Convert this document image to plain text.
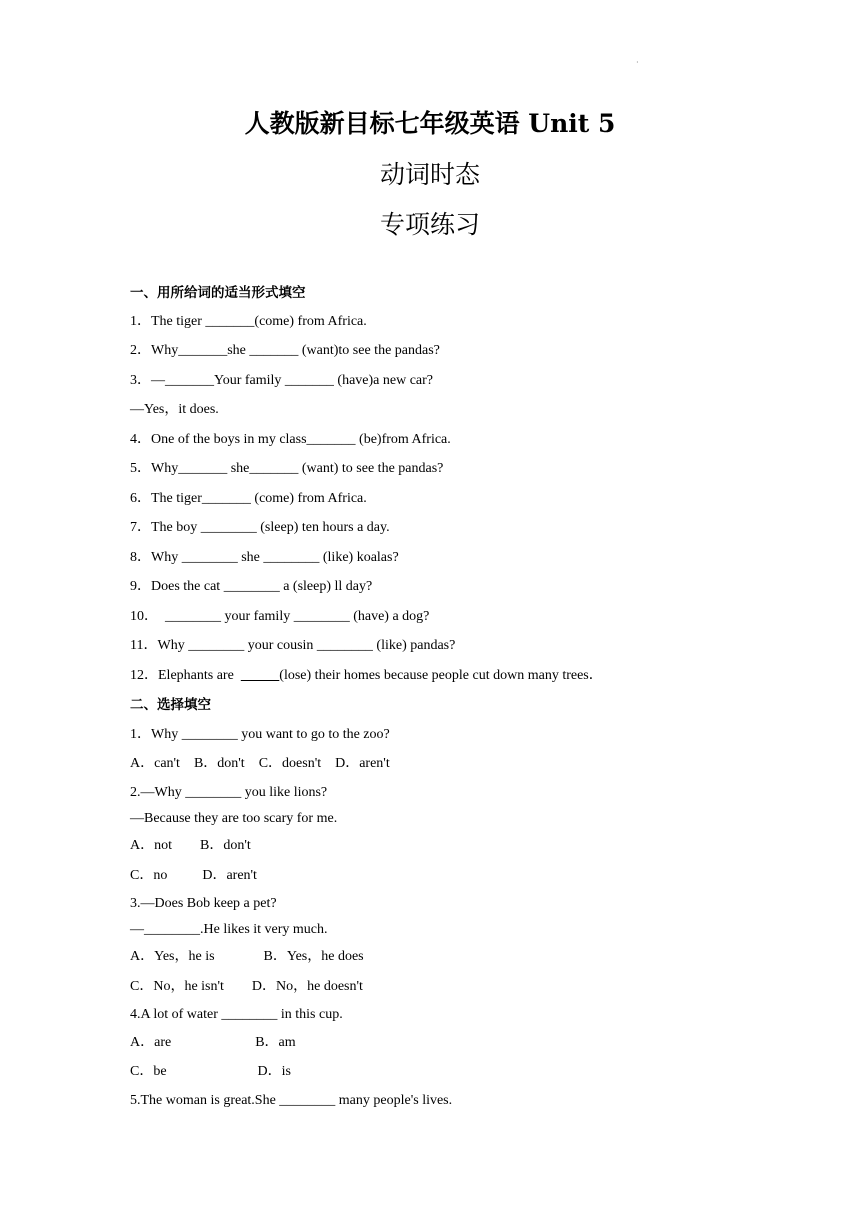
·
人教版新目标七年级英语 Unit 5
动词时态
专项练习
一、用所给词的适当形式填空
1．The tiger _______(come) from Africa.
2．Why_______she _______ (want)to see the pandas?
3．—_______Your family _______ (have)a new car?
—Yes，it does.
4．One of the boys in my class_______ (be)from Africa.
5．Why_______ she_______ (want) to see the pandas?
6．The tiger_______ (come) from Africa.
7．The boy ________ (sleep) ten hours a day.
8．Why ________ she ________ (like) koalas?
9．Does the cat ________ a (sleep) ll day?
10．  ________ your family ________ (have) a dog?
11．Why ________ your cousin ________ (like) pandas?
12．Elephants are	(lose) their homes because people cut down many trees．
二、选择填空
1．Why ________ you want to go to the zoo?
A．can't    B．don't    C．doesn't    D．aren't
2.—Why ________ you like lions?
—Because they are too scary for me.
A．not        B．don't
C．no          D．aren't
3.—Does Bob keep a pet?
—________.He likes it very much.
A．Yes，he is              B．Yes，he does
C．No，he isn't        D．No，he doesn't
4.A lot of water ________ in this cup.
A．are                        B．am
C．be                          D．is
5.The woman is great.She ________ many people's lives.
